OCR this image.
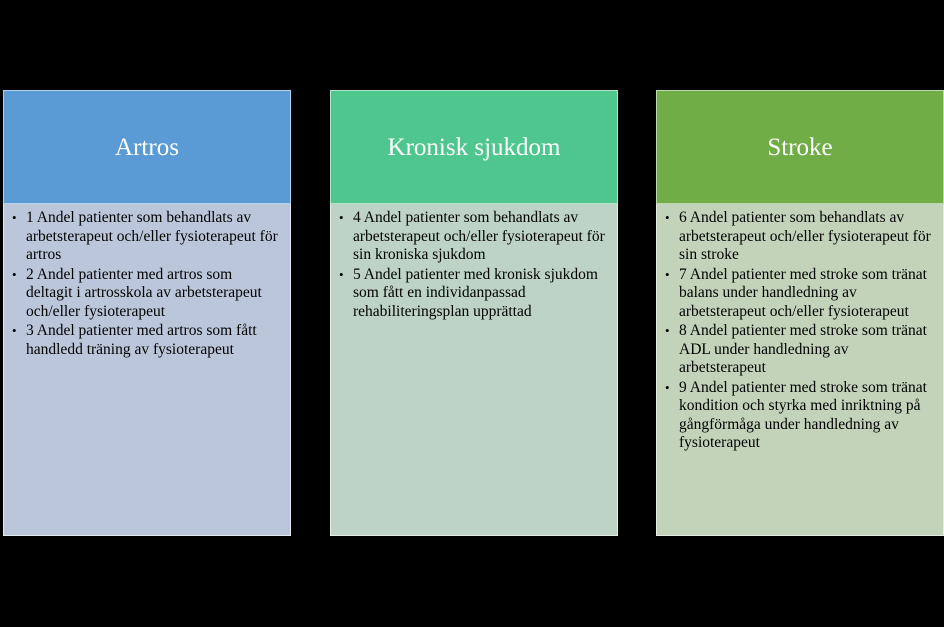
Artros
• 1 Andel patienter som behandlats av arbetsterapeut och/eller fysioterapeut för artros
• 2 Andel patienter med artros som deltagit i artrosskola av arbetsterapeut och/eller fysioterapeut
• 3 Andel patienter med artros som fått handledd träning av fysioterapeut
Kronisk sjukdom
• 4 Andel patienter som behandlats av arbetsterapeut och/eller fysioterapeut för sin kroniska sjukdom
• 5 Andel patienter med kronisk sjukdom som fått en individanpassad rehabiliteringsplan upprättad
Stroke
• 6 Andel patienter som behandlats av arbetsterapeut och/eller fysioterapeut för sin stroke
• 7 Andel patienter med stroke som tränat balans under handledning av arbetsterapeut och/eller fysioterapeut
• 8 Andel patienter med stroke som tränat ADL under handledning av arbetsterapeut
• 9 Andel patienter med stroke som tränat kondition och styrka med inriktning på gångförmåga under handledning av fysioterapeut
